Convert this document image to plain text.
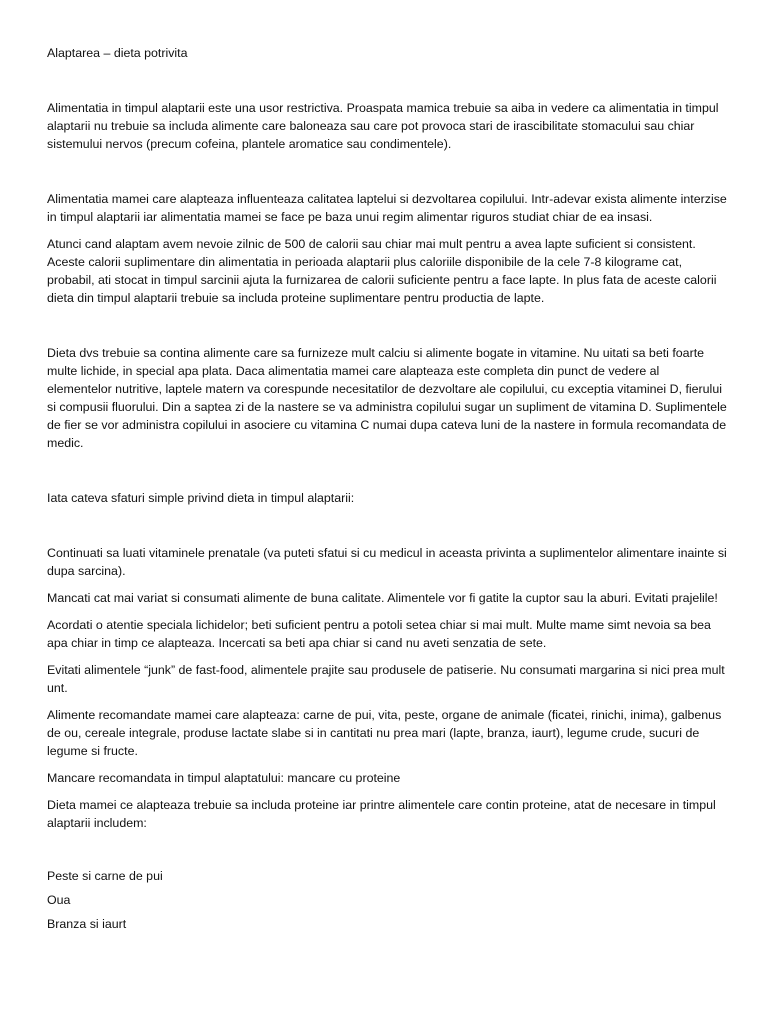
Alaptarea – dieta potrivita

Alimentatia in timpul alaptarii este una usor restrictiva. Proaspata mamica trebuie sa aiba in vedere ca alimentatia in timpul alaptarii nu trebuie sa includa alimente care baloneaza sau care pot provoca stari de irascibilitate stomacului sau chiar sistemului nervos (precum cofeina, plantele aromatice sau condimentele).

Alimentatia mamei care alapteaza influenteaza calitatea laptelui si dezvoltarea copilului. Intr-adevar exista alimente interzise in timpul alaptarii iar alimentatia mamei se face pe baza unui regim alimentar riguros studiat chiar de ea insasi.

Atunci cand alaptam avem nevoie zilnic de 500 de calorii sau chiar mai mult pentru a avea lapte suficient si consistent. Aceste calorii suplimentare din alimentatia in perioada alaptarii plus caloriile disponibile de la cele 7-8 kilograme cat, probabil, ati stocat in timpul sarcinii ajuta la furnizarea de calorii suficiente pentru a face lapte. In plus fata de aceste calorii dieta din timpul alaptarii trebuie sa includa proteine suplimentare pentru productia de lapte.

Dieta dvs trebuie sa contina alimente care sa furnizeze mult calciu si alimente bogate in vitamine. Nu uitati sa beti foarte multe lichide, in special apa plata. Daca alimentatia mamei care alapteaza este completa din punct de vedere al elementelor nutritive, laptele matern va corespunde necesitatilor de dezvoltare ale copilului, cu exceptia vitaminei D, fierului si compusii fluorului. Din a saptea zi de la nastere se va administra copilului sugar un supliment de vitamina D. Suplimentele de fier se vor administra copilului in asociere cu vitamina C numai dupa cateva luni de la nastere in formula recomandata de medic.

Iata cateva sfaturi simple privind dieta in timpul alaptarii:

Continuati sa luati vitaminele prenatale (va puteti sfatui si cu medicul in aceasta privinta a suplimentelor alimentare inainte si dupa sarcina).

Mancati cat mai variat si consumati alimente de buna calitate. Alimentele vor fi gatite la cuptor sau la aburi. Evitati prajelile!

Acordati o atentie speciala lichidelor; beti suficient pentru a potoli setea chiar si mai mult. Multe mame simt nevoia sa bea apa chiar in timp ce alapteaza. Incercati sa beti apa chiar si cand nu aveti senzatia de sete.

Evitati alimentele “junk” de fast-food, alimentele prajite sau produsele de patiserie. Nu consumati margarina si nici prea mult unt.

Alimente recomandate mamei care alapteaza: carne de pui, vita, peste, organe de animale (ficatei, rinichi, inima), galbenus de ou, cereale integrale, produse lactate slabe si in cantitati nu prea mari (lapte, branza, iaurt), legume crude, sucuri de legume si fructe.

Mancare recomandata in timpul alaptatului: mancare cu proteine

Dieta mamei ce alapteaza trebuie sa includa proteine iar printre alimentele care contin proteine, atat de necesare in timpul alaptarii includem:

Peste si carne de pui

Oua

Branza si iaurt
